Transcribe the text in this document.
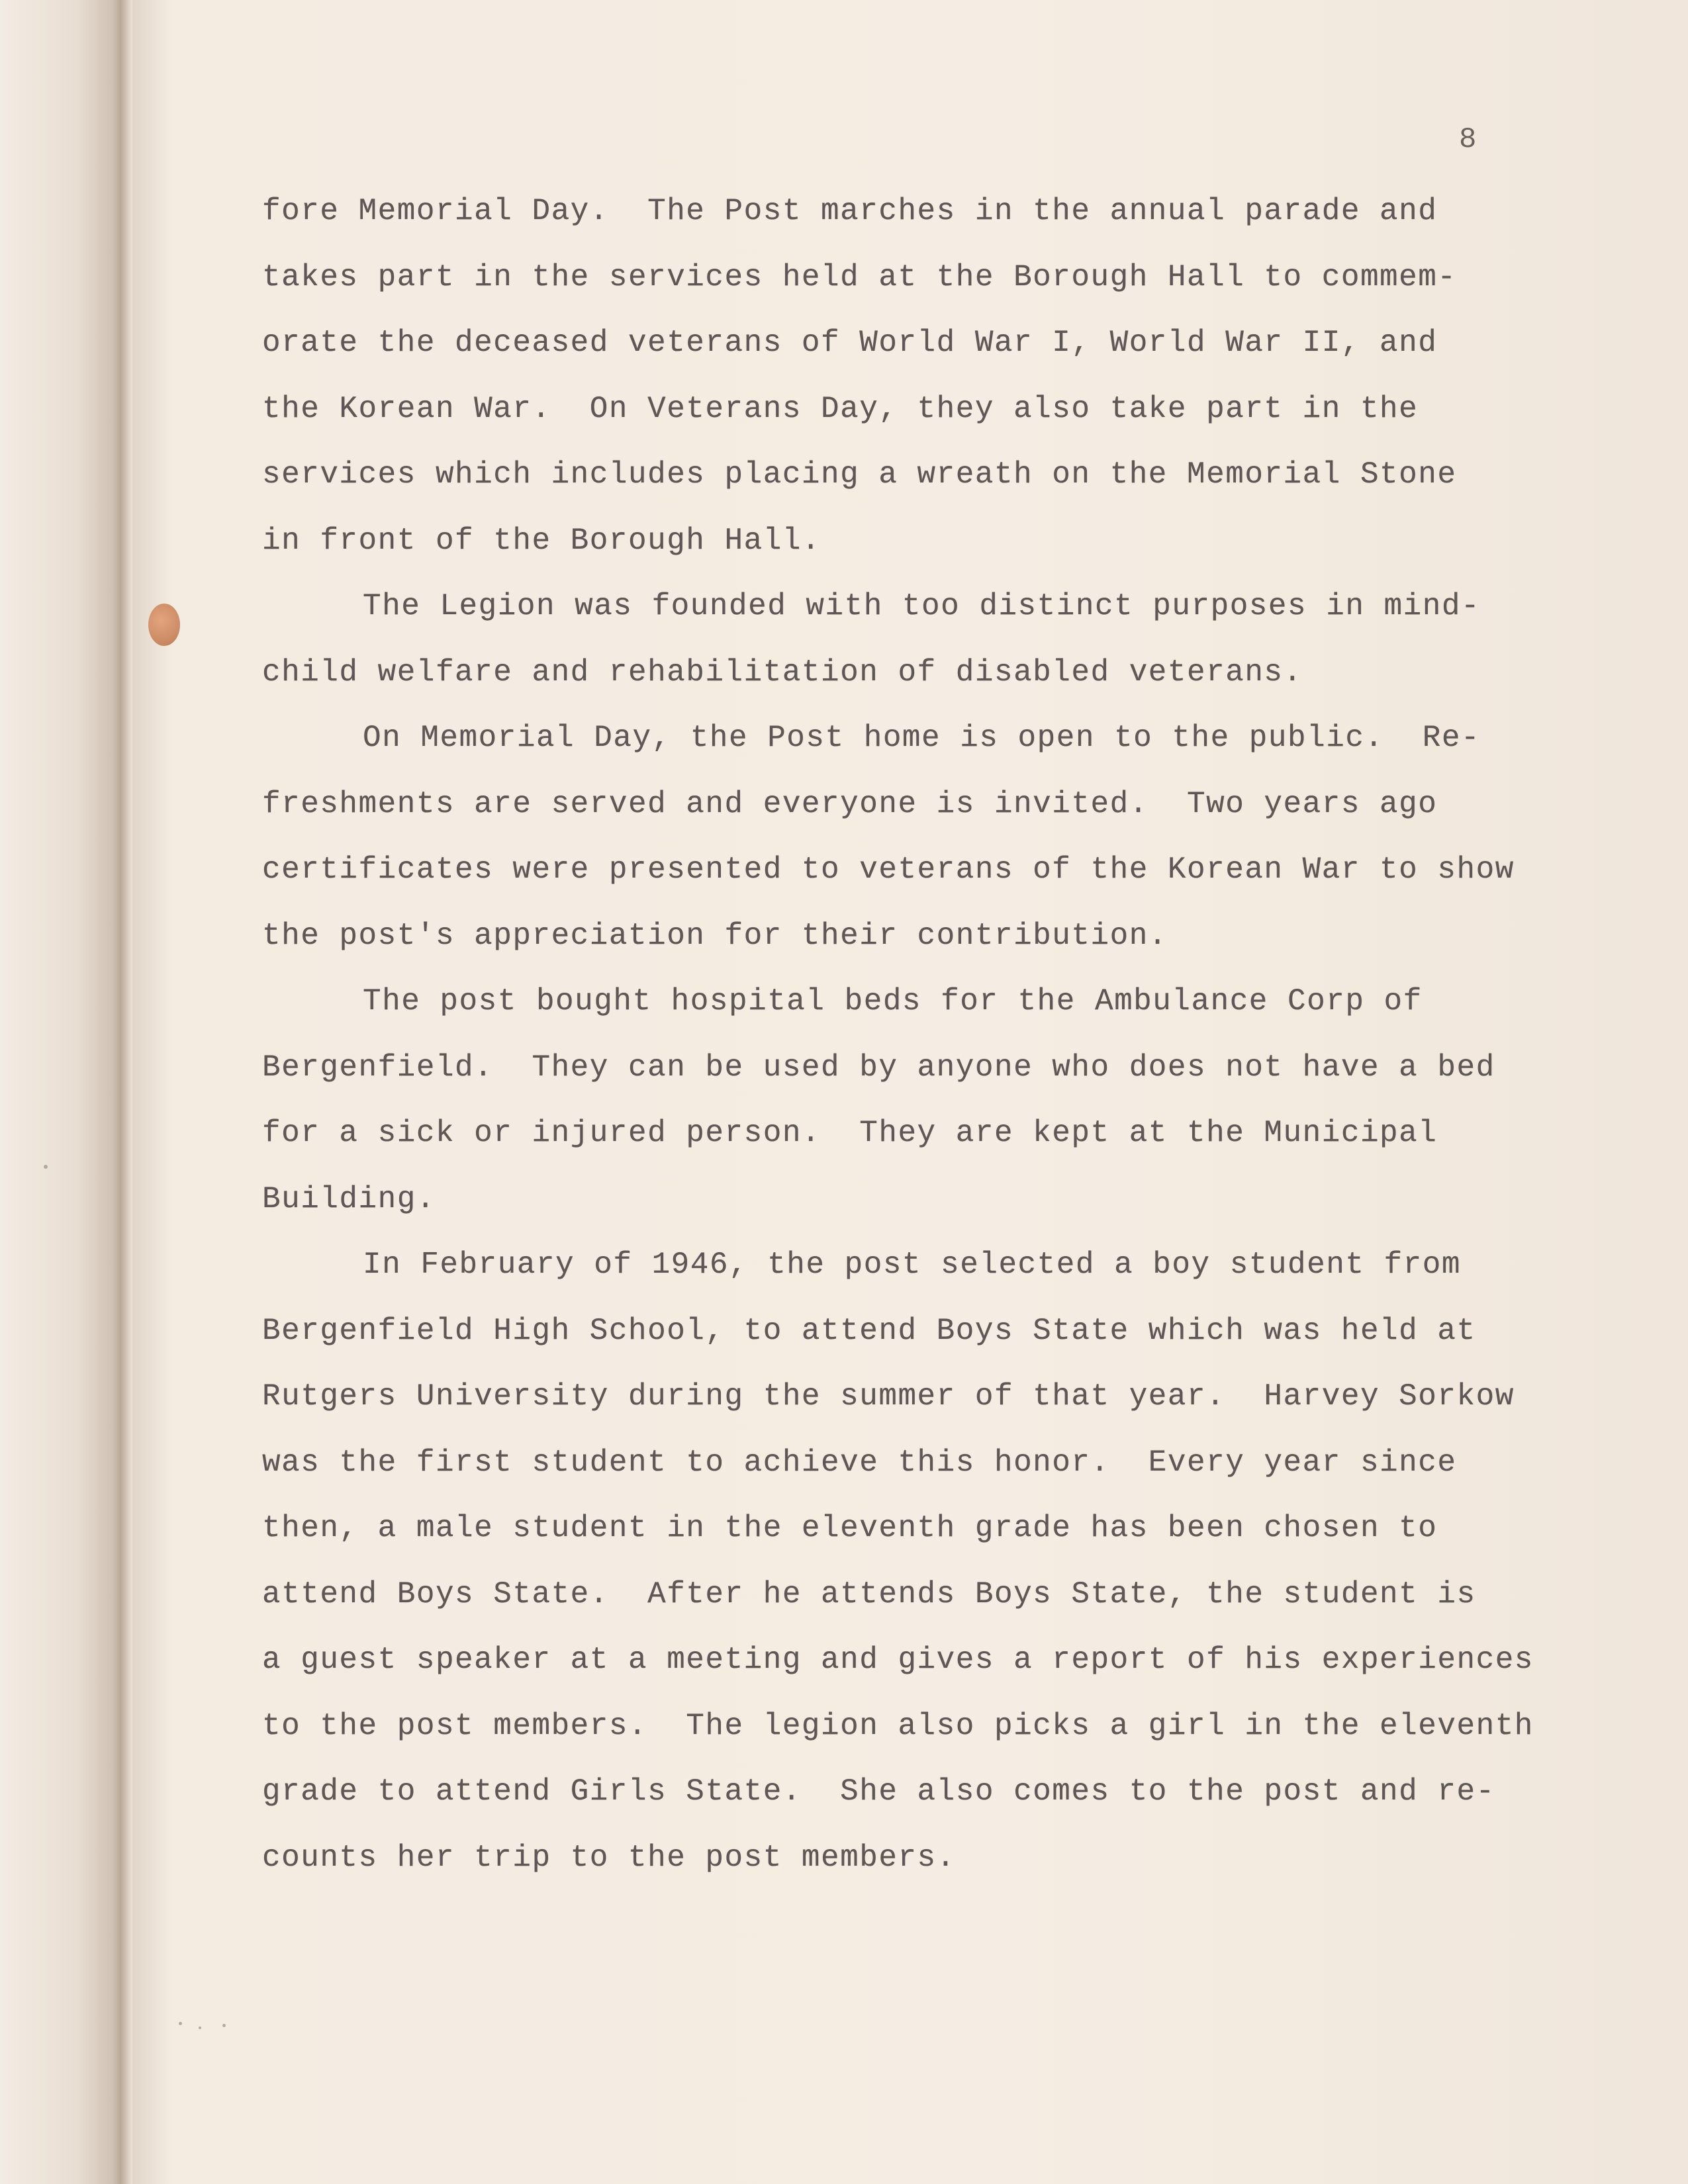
8
fore Memorial Day.  The Post marches in the annual parade and
takes part in the services held at the Borough Hall to commem-
orate the deceased veterans of World War I, World War II, and
the Korean War.  On Veterans Day, they also take part in the
services which includes placing a wreath on the Memorial Stone
in front of the Borough Hall.
The Legion was founded with too distinct purposes in mind-
child welfare and rehabilitation of disabled veterans.
On Memorial Day, the Post home is open to the public.  Re-
freshments are served and everyone is invited.  Two years ago
certificates were presented to veterans of the Korean War to show
the post's appreciation for their contribution.
The post bought hospital beds for the Ambulance Corp of
Bergenfield.  They can be used by anyone who does not have a bed
for a sick or injured person.  They are kept at the Municipal
Building.
In February of 1946, the post selected a boy student from
Bergenfield High School, to attend Boys State which was held at
Rutgers University during the summer of that year.  Harvey Sorkow
was the first student to achieve this honor.  Every year since
then, a male student in the eleventh grade has been chosen to
attend Boys State.  After he attends Boys State, the student is
a guest speaker at a meeting and gives a report of his experiences
to the post members.  The legion also picks a girl in the eleventh
grade to attend Girls State.  She also comes to the post and re-
counts her trip to the post members.
